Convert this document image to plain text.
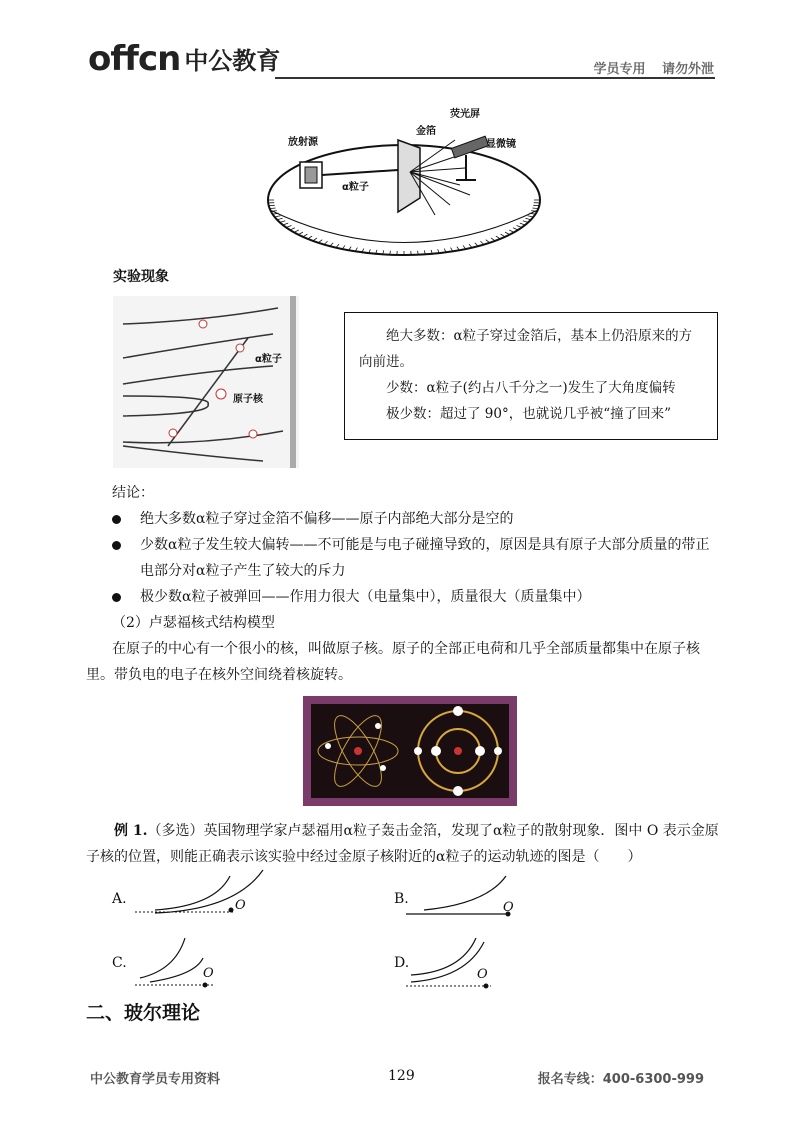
offcn 中公教育	学员专用 请勿外泄
放射源
金箔
荧光屏
显微镜
α粒子
实验现象
α粒子
原子核

绝大多数：α粒子穿过金箔后，基本上仍沿原来的方向前进。

少数：α粒子(约占八千分之一)发生了大角度偏转

极少数：超过了 90°，也就说几乎被“撞了回来”

结论：
绝大多数α粒子穿过金箔不偏移——原子内部绝大部分是空的
少数α粒子发生较大偏转——不可能是与电子碰撞导致的，原因是具有原子大部分质量的带正电部分对α粒子产生了较大的斥力
极少数α粒子被弹回——作用力很大（电量集中），质量很大（质量集中）
（2）卢瑟福核式结构模型
在原子的中心有一个很小的核，叫做原子核。原子的全部正电荷和几乎全部质量都集中在原子核里。带负电的电子在核外空间绕着核旋转。
例 1.（多选）英国物理学家卢瑟福用α粒子轰击金箔，发现了α粒子的散射现象．图中 O 表示金原子核的位置，则能正确表示该实验中经过金原子核附近的α粒子的运动轨迹的图是（　　）
A.	O	B.
O
C.
O
D.
O
二、玻尔理论
中公教育学员专用资料	129	报名专线：400-6300-999
